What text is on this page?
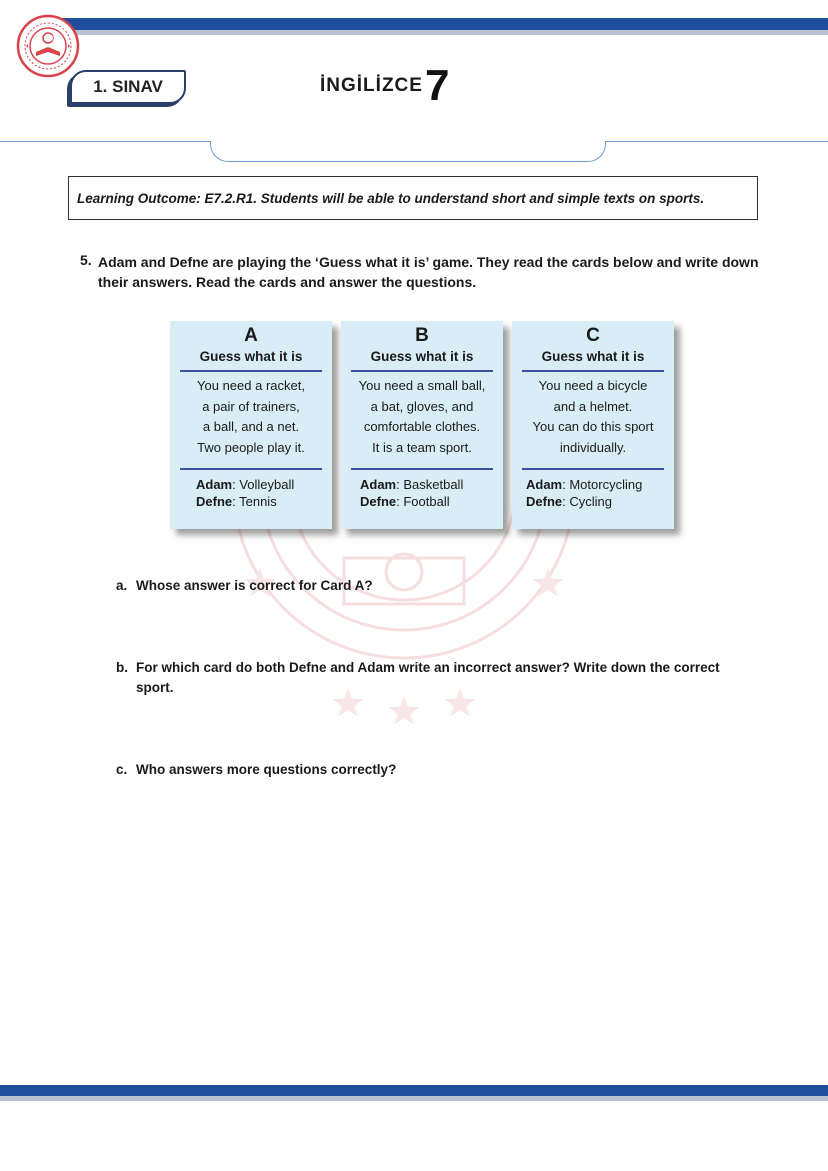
1. SINAV	İNGİLİZCE 7
Learning Outcome: E7.2.R1. Students will be able to understand short and simple texts on sports.
5. Adam and Defne are playing the ‘Guess what it is’ game. They read the cards below and write down their answers. Read the cards and answer the questions.
A
Guess what it is
You need a racket,
a pair of trainers,
a ball, and a net.
Two people play it.
Adam: Volleyball
Defne: Tennis
B
Guess what it is
You need a small ball,
a bat, gloves, and
comfortable clothes.
It is a team sport.
Adam: Basketball
Defne: Football
C
Guess what it is
You need a bicycle
and a helmet.
You can do this sport
individually.
Adam: Motorcycling
Defne: Cycling
a. Whose answer is correct for Card A?
b. For which card do both Defne and Adam write an incorrect answer? Write down the correct sport.
c. Who answers more questions correctly?
